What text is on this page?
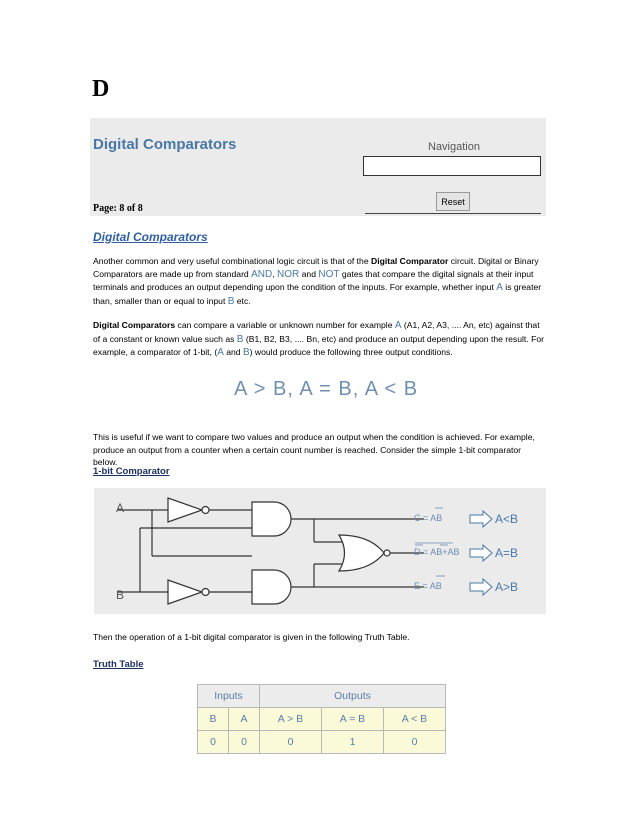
D
Digital Comparators	Navigation
Reset
Page: 8 of 8
Digital Comparators

Another common and very useful combinational logic circuit is that of the Digital Comparator circuit. Digital or Binary Comparators are made up from standard AND, NOR and NOT gates that compare the digital signals at their input terminals and produces an output depending upon the condition of the inputs. For example, whether input A is greater than, smaller than or equal to input B etc.

Digital Comparators can compare a variable or unknown number for example A (A1, A2, A3, .... An, etc) against that of a constant or known value such as B (B1, B2, B3, .... Bn, etc) and produce an output depending upon the result. For example, a comparator of 1-bit, (A and B) would produce the following three output conditions.

A > B, A = B, A < B

This is useful if we want to compare two values and produce an output when the condition is achieved. For example, produce an output from a counter when a certain count number is reached. Consider the simple 1-bit comparator below.

1-bit Comparator
A
B
C = AB
D = AB+AB
E = AB
A<B
A=B
A>B

Then the operation of a 1-bit digital comparator is given in the following Truth Table.

Truth Table
Inputs		Outputs		
B	A	A > B	A = B	A < B
0	0	0	1	0
